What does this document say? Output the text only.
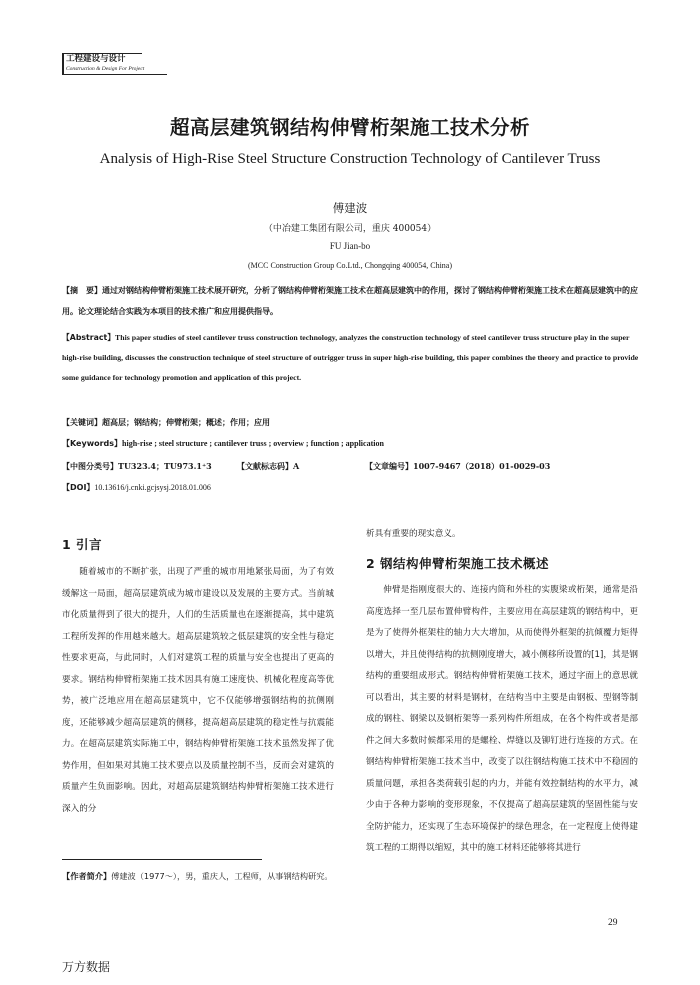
工程建设与设计
Construction & Design For Project
超高层建筑钢结构伸臂桁架施工技术分析
Analysis of High-Rise Steel Structure Construction Technology of Cantilever Truss
傅建波
（中冶建工集团有限公司，重庆 400054）
FU Jian-bo
(MCC Construction Group Co.Ltd., Chongqing 400054, China)
【摘　要】通过对钢结构伸臂桁架施工技术展开研究，分析了钢结构伸臂桁架施工技术在超高层建筑中的作用，探讨了钢结构伸臂桁架施工技术在超高层建筑中的应用。论文理论结合实践为本项目的技术推广和应用提供指导。
【Abstract】This paper studies of steel cantilever truss construction technology, analyzes the construction technology of steel cantilever truss structure play in the super high-rise building, discusses the construction technique of steel structure of outrigger truss in super high-rise building, this paper combines the theory and practice to provide some guidance for technology promotion and application of this project.
【关键词】超高层；钢结构；伸臂桁架；概述；作用；应用
【Keywords】high-rise ; steel structure ; cantilever truss ; overview ; function ; application
【中图分类号】TU323.4；TU973.1⁺3	【文献标志码】A	【文章编号】1007-9467（2018）01-0029-03
【DOI】10.13616/j.cnki.gcjsysj.2018.01.006
1 引言

随着城市的不断扩张，出现了严重的城市用地紧张局面，为了有效缓解这一局面，超高层建筑成为城市建设以及发展的主要方式。当前城市化质量得到了很大的提升，人们的生活质量也在逐渐提高，其中建筑工程所发挥的作用越来越大。超高层建筑较之低层建筑的安全性与稳定性要求更高，与此同时，人们对建筑工程的质量与安全也提出了更高的要求。钢结构伸臂桁架施工技术因具有施工速度快、机械化程度高等优势，被广泛地应用在超高层建筑中，它不仅能够增强钢结构的抗侧刚度，还能够减少超高层建筑的侧移，提高超高层建筑的稳定性与抗震能力。在超高层建筑实际施工中，钢结构伸臂桁架施工技术虽然发挥了优势作用，但如果对其施工技术要点以及质量控制不当，反而会对建筑的质量产生负面影响。因此，对超高层建筑钢结构伸臂桁架施工技术进行深入的分

析具有重要的现实意义。
2 钢结构伸臂桁架施工技术概述

伸臂是指刚度很大的、连接内筒和外柱的实腹梁或桁架，通常是沿高度选择一至几层布置伸臂构件，主要应用在高层建筑的钢结构中，更是为了使得外框架柱的轴力大大增加，从而使得外框架的抗倾覆力矩得以增大，并且使得结构的抗侧刚度增大，减小侧移所设置的[1]，其是钢结构的重要组成形式。钢结构伸臂桁架施工技术，通过字面上的意思就可以看出，其主要的材料是钢材，在结构当中主要是由钢板、型钢等制成的钢柱、钢梁以及钢桁架等一系列构件所组成，在各个构件或者是部件之间大多数时候都采用的是螺栓、焊缝以及铆钉进行连接的方式。在钢结构伸臂桁架施工技术当中，改变了以往钢结构施工技术中不稳固的质量问题，承担各类荷载引起的内力，并能有效控制结构的水平力，减少由于各种力影响的变形现象，不仅提高了超高层建筑的坚固性能与安全防护能力，还实现了生态环境保护的绿色理念，在一定程度上使得建筑工程的工期得以缩短，其中的施工材料还能够将其进行

【作者简介】傅建波（1977～），男，重庆人，工程师，从事钢结构研究。
29
万方数据
